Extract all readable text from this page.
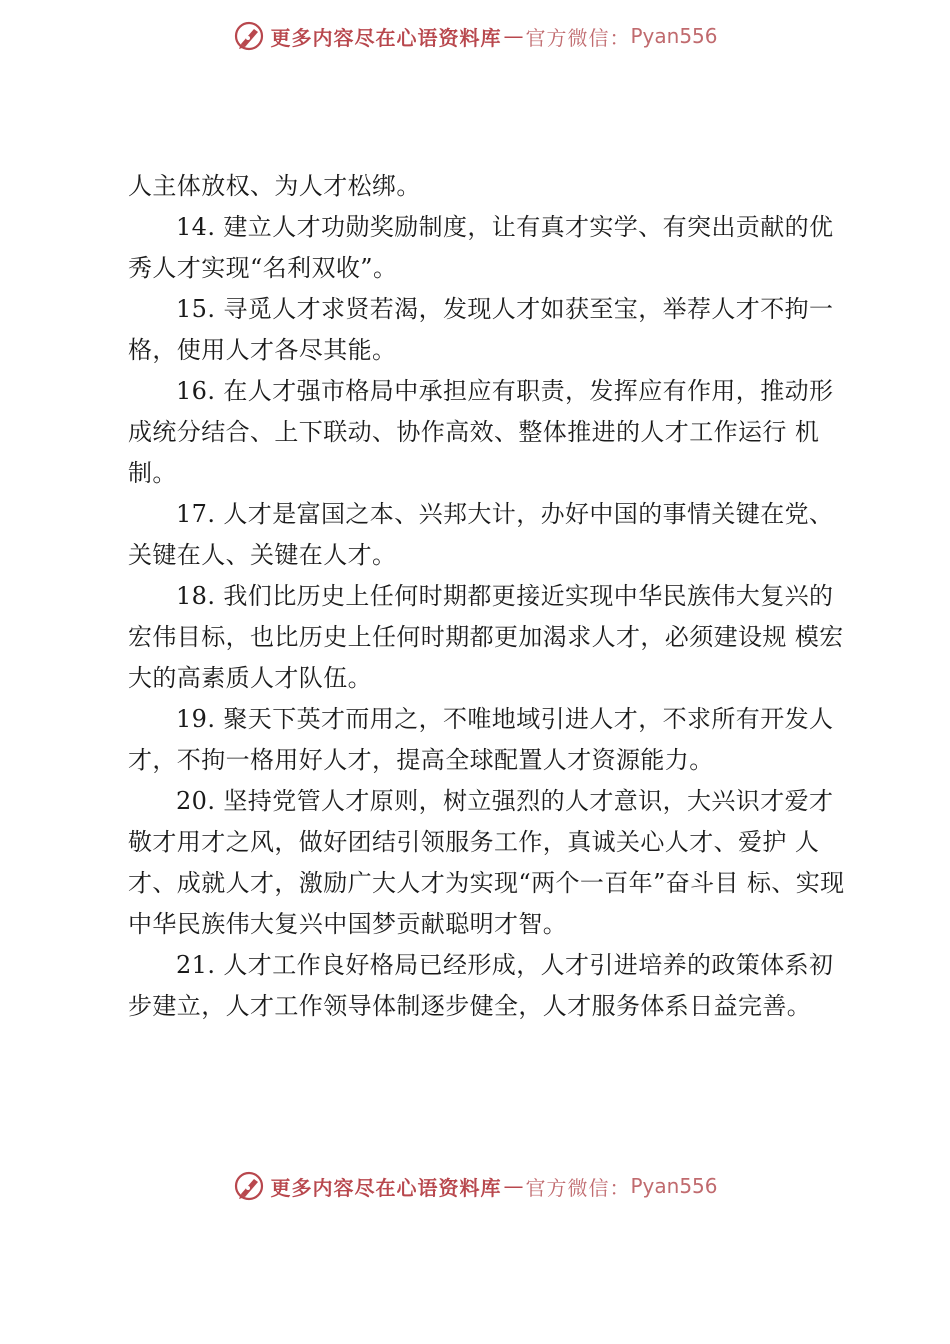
更多内容尽在心语资料库 — 官方微信： Pyan556

人主体放权、为人才松绑。

14. 建立人才功勋奖励制度，让有真才实学、有突出贡献的优秀人才实现“名利双收”。

15. 寻觅人才求贤若渴，发现人才如获至宝，举荐人才不拘一格，使用人才各尽其能。

16. 在人才强市格局中承担应有职责，发挥应有作用，推动形成统分结合、上下联动、协作高效、整体推进的人才工作运行 机制。

17. 人才是富国之本、兴邦大计，办好中国的事情关键在党、关键在人、关键在人才。

18. 我们比历史上任何时期都更接近实现中华民族伟大复兴的宏伟目标，也比历史上任何时期都更加渴求人才，必须建设规 模宏大的高素质人才队伍。

19. 聚天下英才而用之，不唯地域引进人才，不求所有开发人才，不拘一格用好人才，提高全球配置人才资源能力。

20. 坚持党管人才原则，树立强烈的人才意识，大兴识才爱才敬才用才之风，做好团结引领服务工作，真诚关心人才、爱护 人才、成就人才，激励广大人才为实现“两个一百年”奋斗目 标、实现中华民族伟大复兴中国梦贡献聪明才智。

21. 人才工作良好格局已经形成，人才引进培养的政策体系初步建立，人才工作领导体制逐步健全，人才服务体系日益完善。

更多内容尽在心语资料库 — 官方微信： Pyan556
